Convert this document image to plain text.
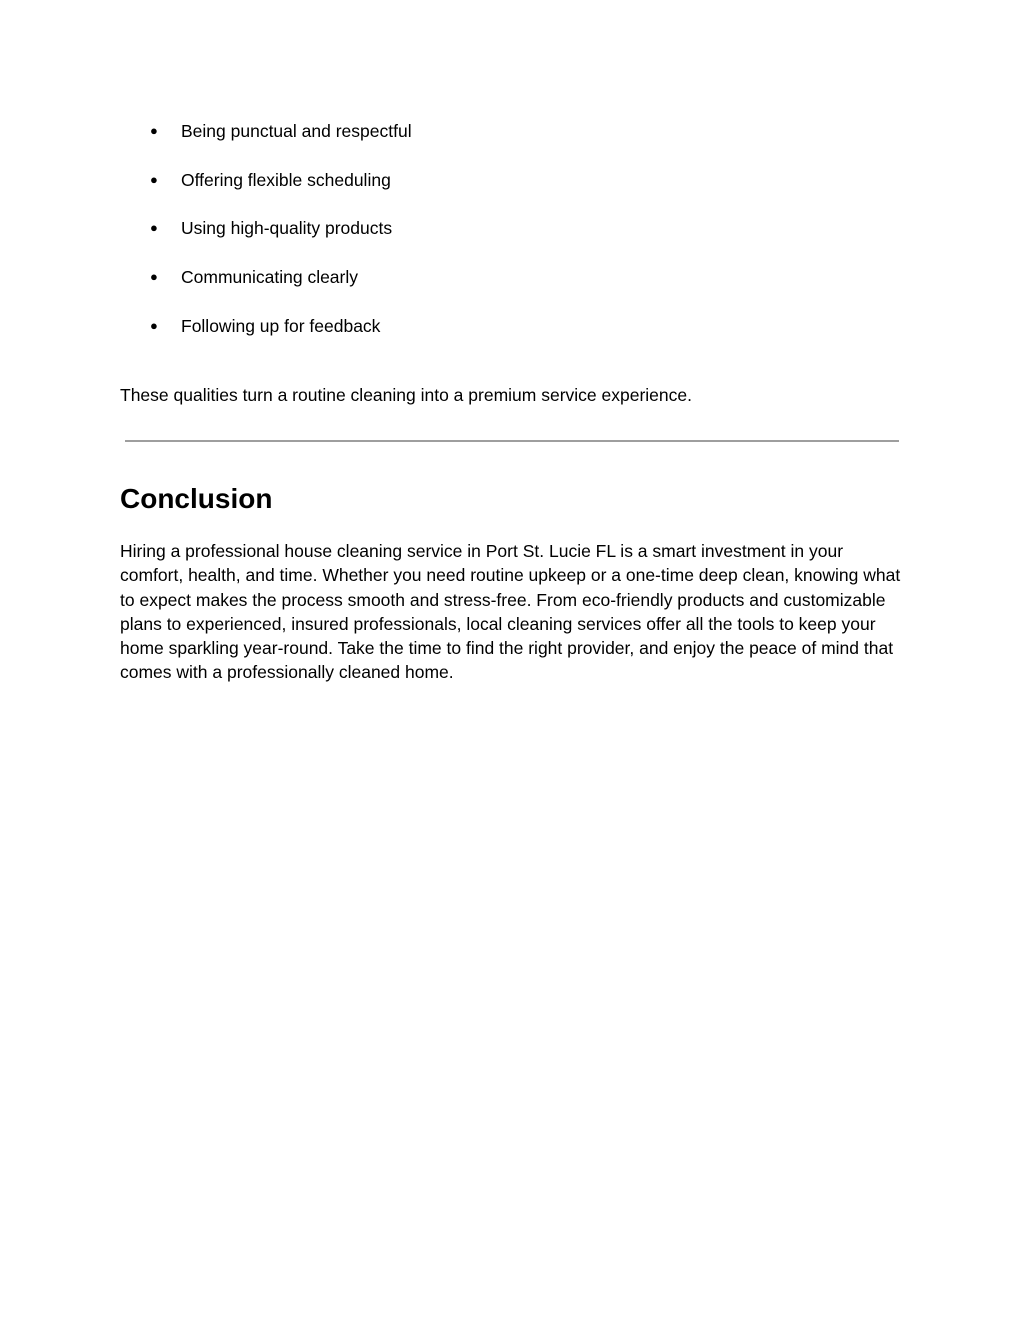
● Being punctual and respectful
● Offering flexible scheduling
● Using high-quality products
● Communicating clearly
● Following up for feedback

These qualities turn a routine cleaning into a premium service experience.

Conclusion

Hiring a professional house cleaning service in Port St. Lucie FL is a smart investment in your comfort, health, and time. Whether you need routine upkeep or a one-time deep clean, knowing what to expect makes the process smooth and stress-free. From eco-friendly products and customizable plans to experienced, insured professionals, local cleaning services offer all the tools to keep your home sparkling year-round. Take the time to find the right provider, and enjoy the peace of mind that comes with a professionally cleaned home.
